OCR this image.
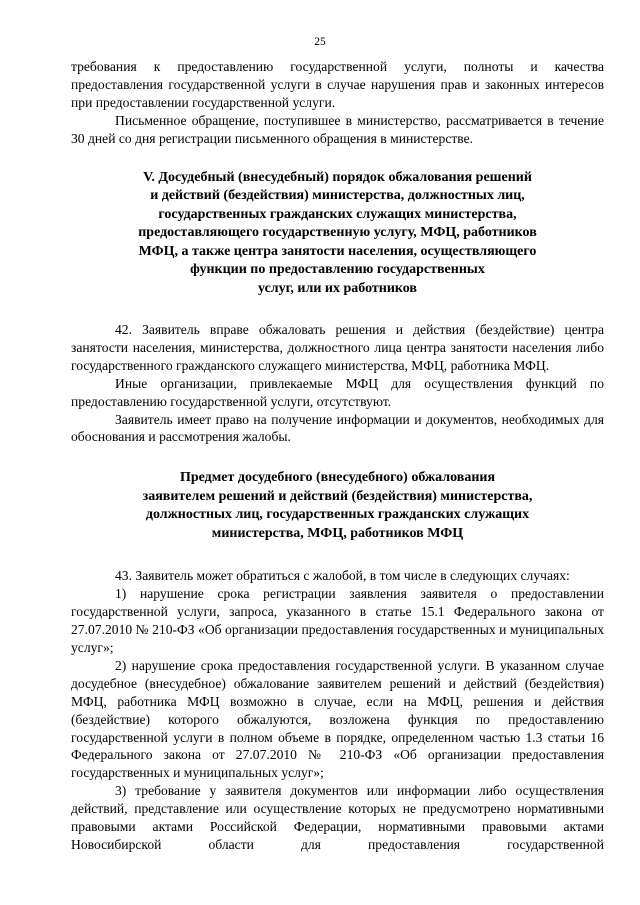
25

требования к предоставлению государственной услуги, полноты и качества предоставления государственной услуги в случае нарушения прав и законных интересов при предоставлении государственной услуги.

Письменное обращение, поступившее в министерство, рассматривается в течение 30 дней со дня регистрации письменного обращения в министерстве.

V. Досудебный (внесудебный) порядок обжалования решений
и действий (бездействия) министерства, должностных лиц,
государственных гражданских служащих министерства,
предоставляющего государственную услугу, МФЦ, работников
МФЦ, а также центра занятости населения, осуществляющего
функции по предоставлению государственных
услуг, или их работников

42. Заявитель вправе обжаловать решения и действия (бездействие) центра занятости населения, министерства, должностного лица центра занятости населения либо государственного гражданского служащего министерства, МФЦ, работника МФЦ.

Иные организации, привлекаемые МФЦ для осуществления функций по предоставлению государственной услуги, отсутствуют.

Заявитель имеет право на получение информации и документов, необходимых для обоснования и рассмотрения жалобы.

Предмет досудебного (внесудебного) обжалования
заявителем решений и действий (бездействия) министерства,
должностных лиц, государственных гражданских служащих
министерства, МФЦ, работников МФЦ

43. Заявитель может обратиться с жалобой, в том числе в следующих случаях:

1) нарушение срока регистрации заявления заявителя о предоставлении государственной услуги, запроса, указанного в статье 15.1 Федерального закона от 27.07.2010 № 210-ФЗ «Об организации предоставления государственных и муниципальных услуг»;

2) нарушение срока предоставления государственной услуги. В указанном случае досудебное (внесудебное) обжалование заявителем решений и действий (бездействия) МФЦ, работника МФЦ возможно в случае, если на МФЦ, решения и действия (бездействие) которого обжалуются, возложена функция по предоставлению государственной услуги в полном объеме в порядке, определенном частью 1.3 статьи 16 Федерального закона от 27.07.2010 № 210-ФЗ «Об организации предоставления государственных и муниципальных услуг»;

3) требование у заявителя документов или информации либо осуществления действий, представление или осуществление которых не предусмотрено нормативными правовыми актами Российской Федерации, нормативными правовыми актами Новосибирской области для предоставления государственной
